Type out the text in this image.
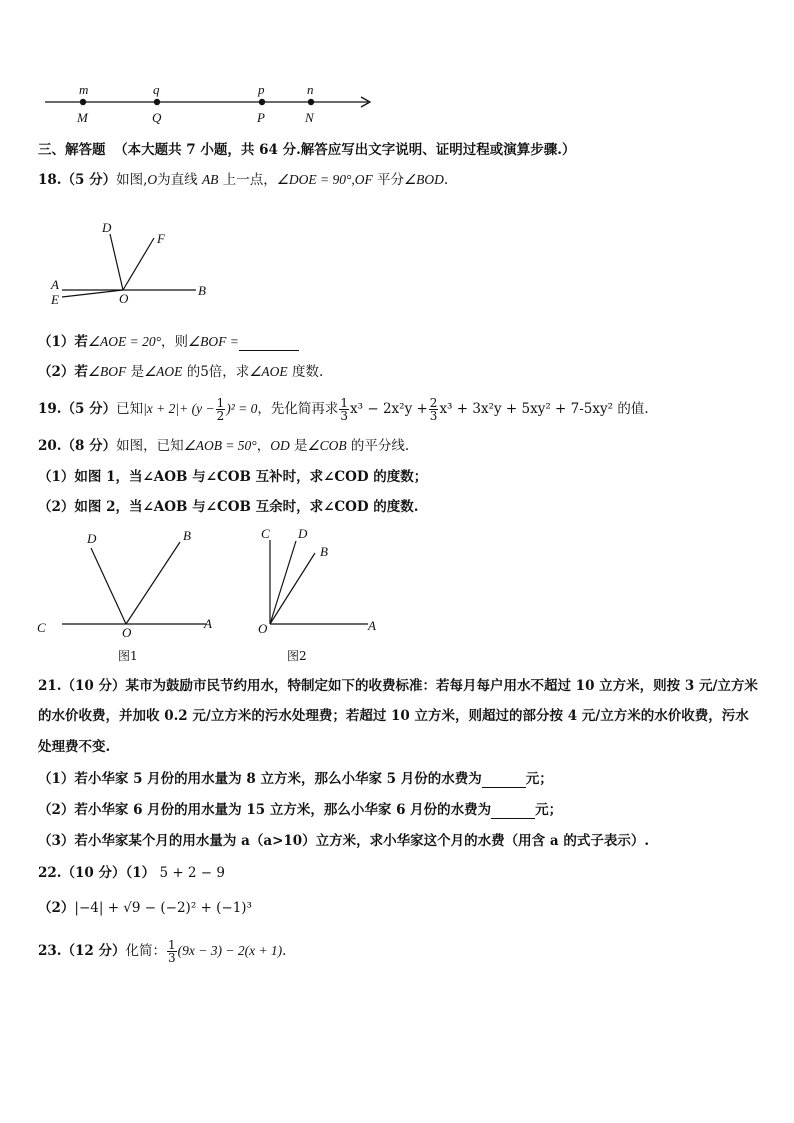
m	q	p	n
M	Q	P	N
三、解答题 （本大题共 7 小题，共 64 分.解答应写出文字说明、证明过程或演算步骤.）
18.（5 分）如图,O为直线 AB 上一点，∠DOE = 90°,OF 平分∠BOD.
D
F
A
E	O
B
（1）若∠AOE = 20°，则∠BOF =
（2）若∠BOF 是∠AOE 的5倍，求∠AOE 度数.
19.（5 分）已知$|x + 2|+ (y - \frac{1}{2} )^2 = 0$，先化简再求 $\frac{1}{3} x^3 - 2x^2y + \frac{2}{3} x^3 + 3x^2y + 5xy^2 + 7-5xy^2$ 的值.
20.（8 分）如图，已知∠AOB = 50°，OD 是∠COB 的平分线.
（1）如图 1，当∠AOB 与∠COB 互补时，求∠COD 的度数；
（2）如图 2，当∠AOB 与∠COB 互余时，求∠COD 的度数.
D	B
C	O
A
图1
C D
B
O	A
图2
21.（10 分）某市为鼓励市民节约用水，特制定如下的收费标准：若每月每户用水不超过 10 立方米，则按 3 元/立方米
的水价收费，并加收 0.2 元/立方米的污水处理费；若超过 10 立方米，则超过的部分按 4 元/立方米的水价收费，污水
处理费不变.
（1）若小华家 5 月份的用水量为 8 立方米，那么小华家 5 月份的水费为	元；
（2）若小华家 6 月份的用水量为 15 立方米，那么小华家 6 月份的水费为	元；
（3）若小华家某个月的用水量为 a（a>10）立方米，求小华家这个月的水费（用含 a 的式子表示）.
22.（10 分）（1） 5 + 2 − 9
（2）|−4| + √9 − (−2)² + (−1)³
23.（12 分）化简： $\frac{1}{3} (9x - 3) - 2(x + 1)$.
